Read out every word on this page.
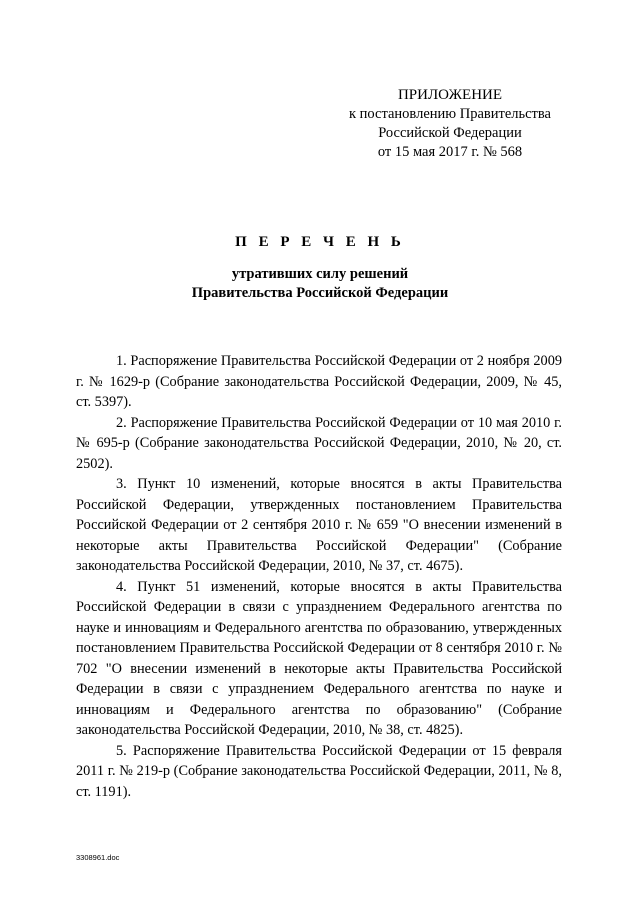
ПРИЛОЖЕНИЕ
к постановлению Правительства
Российской Федерации
от 15 мая 2017 г. № 568
П Е Р Е Ч Е Н Ь
утративших силу решений
Правительства Российской Федерации

1. Распоряжение Правительства Российской Федерации от 2 ноября 2009 г. № 1629-р (Собрание законодательства Российской Федерации, 2009, № 45, ст. 5397).

2. Распоряжение Правительства Российской Федерации от 10 мая 2010 г. № 695-р (Собрание законодательства Российской Федерации, 2010, № 20, ст. 2502).

3. Пункт 10 изменений, которые вносятся в акты Правительства Российской Федерации, утвержденных постановлением Правительства Российской Федерации от 2 сентября 2010 г. № 659 "О внесении изменений в некоторые акты Правительства Российской Федерации" (Собрание законодательства Российской Федерации, 2010, № 37, ст. 4675).

4. Пункт 51 изменений, которые вносятся в акты Правительства Российской Федерации в связи с упразднением Федерального агентства по науке и инновациям и Федерального агентства по образованию, утвержденных постановлением Правительства Российской Федерации от 8 сентября 2010 г. № 702 "О внесении изменений в некоторые акты Правительства Российской Федерации в связи с упразднением Федерального агентства по науке и инновациям и Федерального агентства по образованию" (Собрание законодательства Российской Федерации, 2010, № 38, ст. 4825).

5. Распоряжение Правительства Российской Федерации от 15 февраля 2011 г. № 219-р (Собрание законодательства Российской Федерации, 2011, № 8, ст. 1191).

3308961.doc
